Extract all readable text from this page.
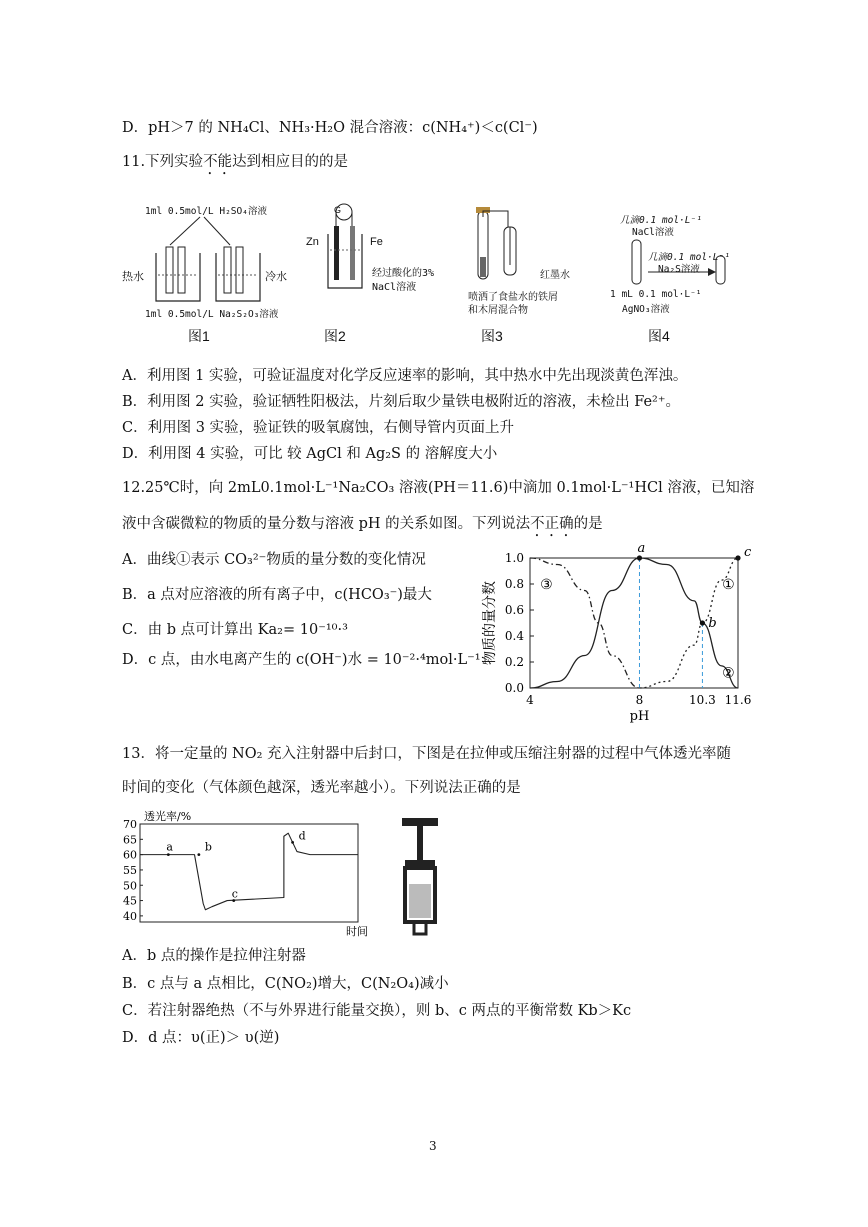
D．pH＞7 的 NH₄Cl、NH₃·H₂O 混合溶液：c(NH₄⁺)＜c(Cl⁻)
11.下列实验不能达到相应目的的是
1ml 0.5mol/L H₂SO₄溶液
热水	冷水
1ml 0.5mol/L Na₂S₂O₃溶液
图1
G
Zn	Fe
经过酸化的3%
NaCl溶液
图2
红墨水
喷洒了食盐水的铁屑
和木屑混合物
图3
几滴0.1 mol·L⁻¹
NaCl溶液
几滴0.1 mol·L⁻¹
Na₂S溶液
1 mL 0.1 mol·L⁻¹
AgNO₃溶液
图4
A．利用图 1 实验，可验证温度对化学反应速率的影响，其中热水中先出现淡黄色浑浊。
B．利用图 2 实验，验证牺牲阳极法，片刻后取少量铁电极附近的溶液，未检出 Fe²⁺。
C．利用图 3 实验，验证铁的吸氧腐蚀，右侧导管内页面上升
D．利用图 4 实验，可比 较 AgCl 和 Ag₂S 的 溶解度大小
12.25℃时，向 2mL0.1mol·L⁻¹Na₂CO₃ 溶液(PH＝11.6)中滴加 0.1mol·L⁻¹HCl 溶液，已知溶
液中含碳微粒的物质的量分数与溶液 pH 的关系如图。下列说法不正确的是
A．曲线①表示 CO₃²⁻物质的量分数的变化情况
B．a 点对应溶液的所有离子中，c(HCO₃⁻)最大
C．由 b 点可计算出 Ka₂= 10⁻¹⁰·³
D．c 点，由水电离产生的 c(OH⁻)水 = 10⁻²·⁴mol·L⁻¹
0.0
0.2
0.4
0.6
0.8
1.0
4	8	10.3 11.6
pH
物质的量分数	①
②
③
a
b
c
13．将一定量的 NO₂ 充入注射器中后封口，下图是在拉伸或压缩注射器的过程中气体透光率随
时间的变化（气体颜色越深，透光率越小）。下列说法正确的是
透光率/%
70
65
60
55
50
45
40
时间
a	b
c
d
A．b 点的操作是拉伸注射器
B．c 点与 a 点相比，C(NO₂)增大，C(N₂O₄)减小
C．若注射器绝热（不与外界进行能量交换），则 b、c 两点的平衡常数 Kb＞Kc
D．d 点：υ(正)＞ υ(逆)
3
